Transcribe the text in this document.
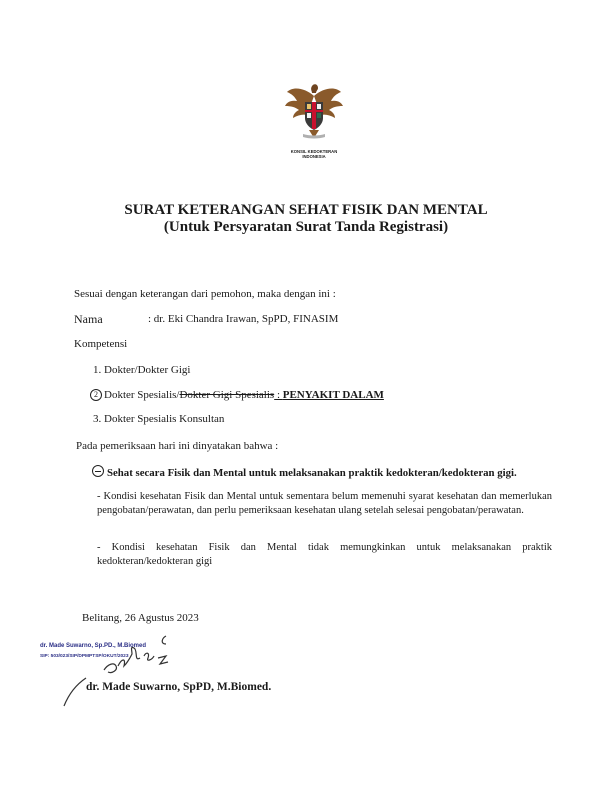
KONSIL KEDOKTERAN
INDONESIA
SURAT KETERANGAN SEHAT FISIK DAN MENTAL
(Untuk Persyaratan Surat Tanda Registrasi)
Sesuai dengan keterangan dari pemohon, maka dengan ini :
Nama	: dr. Eki Chandra Irawan, SpPD, FINASIM
Kompetensi
1. Dokter/Dokter Gigi
2 Dokter Spesialis/Dokter Gigi Spesialis : PENYAKIT DALAM
3. Dokter Spesialis Konsultan
Pada pemeriksaan hari ini dinyatakan bahwa :
Sehat secara Fisik dan Mental untuk melaksanakan praktik kedokteran/kedokteran gigi.
- Kondisi kesehatan Fisik dan Mental untuk sementara belum memenuhi syarat kesehatan dan memerlukan pengobatan/perawatan, dan perlu pemeriksaan kesehatan ulang setelah selesai pengobatan/perawatan.
- Kondisi kesehatan Fisik dan Mental tidak memungkinkan untuk melaksanakan praktik kedokteran/kedokteran gigi
Belitang, 26 Agustus 2023
dr. Made Suwarno, Sp.PD., M.Biomed
SIP: 503/023/SIP/DPMPTSP/OKUT/2023
dr. Made Suwarno, SpPD, M.Biomed.
